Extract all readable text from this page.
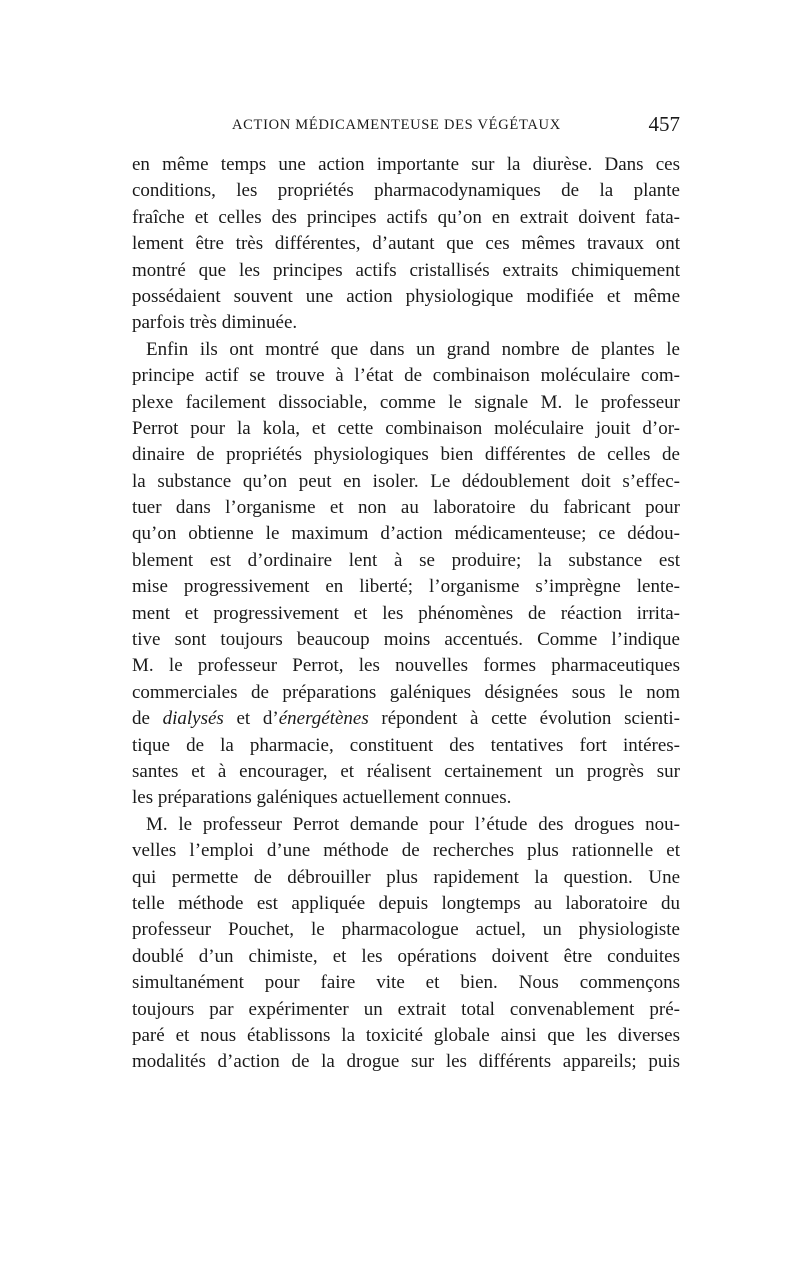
ACTION MÉDICAMENTEUSE DES VÉGÉTAUX	457
en même temps une action importante sur la diurèse. Dans ces
conditions, les propriétés pharmacodynamiques de la plante
fraîche et celles des principes actifs qu’on en extrait doivent fata-
lement être très différentes, d’autant que ces mêmes travaux ont
montré que les principes actifs cristallisés extraits chimiquement
possédaient souvent une action physiologique modifiée et même
parfois très diminuée.
Enfin ils ont montré que dans un grand nombre de plantes le
principe actif se trouve à l’état de combinaison moléculaire com-
plexe facilement dissociable, comme le signale M. le professeur
Perrot pour la kola, et cette combinaison moléculaire jouit d’or-
dinaire de propriétés physiologiques bien différentes de celles de
la substance qu’on peut en isoler. Le dédoublement doit s’effec-
tuer dans l’organisme et non au laboratoire du fabricant pour
qu’on obtienne le maximum d’action médicamenteuse; ce dédou-
blement est d’ordinaire lent à se produire; la substance est
mise progressivement en liberté; l’organisme s’imprègne lente-
ment et progressivement et les phénomènes de réaction irrita-
tive sont toujours beaucoup moins accentués. Comme l’indique
M. le professeur Perrot, les nouvelles formes pharmaceutiques
commerciales de préparations galéniques désignées sous le nom
de dialysés et d’énergétènes répondent à cette évolution scienti-
tique de la pharmacie, constituent des tentatives fort intéres-
santes et à encourager, et réalisent certainement un progrès sur
les préparations galéniques actuellement connues.
M. le professeur Perrot demande pour l’étude des drogues nou-
velles l’emploi d’une méthode de recherches plus rationnelle et
qui permette de débrouiller plus rapidement la question. Une
telle méthode est appliquée depuis longtemps au laboratoire du
professeur Pouchet, le pharmacologue actuel, un physiologiste
doublé d’un chimiste, et les opérations doivent être conduites
simultanément pour faire vite et bien. Nous commençons
toujours par expérimenter un extrait total convenablement pré-
paré et nous établissons la toxicité globale ainsi que les diverses
modalités d’action de la drogue sur les différents appareils; puis
